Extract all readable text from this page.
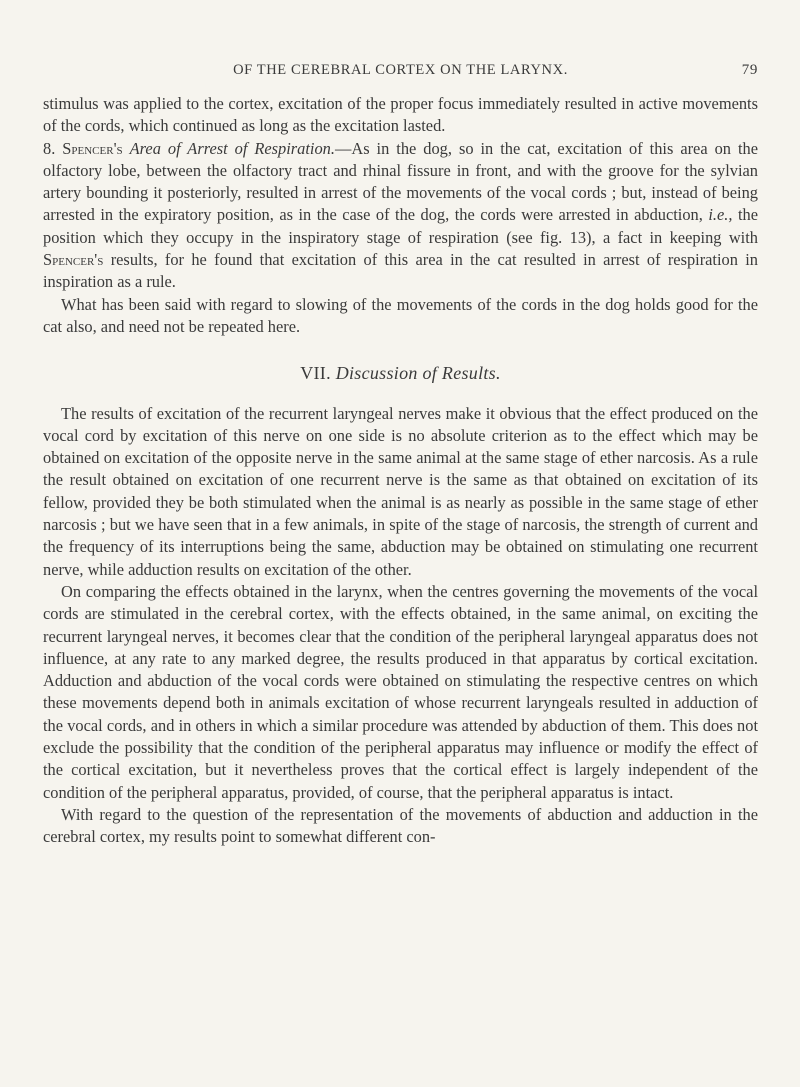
OF THE CEREBRAL CORTEX ON THE LARYNX.	79

stimulus was applied to the cortex, excitation of the proper focus immediately resulted in active movements of the cords, which continued as long as the excitation lasted.

8. Spencer's Area of Arrest of Respiration.—As in the dog, so in the cat, excitation of this area on the olfactory lobe, between the olfactory tract and rhinal fissure in front, and with the groove for the sylvian artery bounding it posteriorly, resulted in arrest of the movements of the vocal cords ; but, instead of being arrested in the expiratory position, as in the case of the dog, the cords were arrested in abduction, i.e., the position which they occupy in the inspiratory stage of respiration (see fig. 13), a fact in keeping with Spencer's results, for he found that excitation of this area in the cat resulted in arrest of respiration in inspiration as a rule.

What has been said with regard to slowing of the movements of the cords in the dog holds good for the cat also, and need not be repeated here.

VII. Discussion of Results.

The results of excitation of the recurrent laryngeal nerves make it obvious that the effect produced on the vocal cord by excitation of this nerve on one side is no absolute criterion as to the effect which may be obtained on excitation of the opposite nerve in the same animal at the same stage of ether narcosis. As a rule the result obtained on excitation of one recurrent nerve is the same as that obtained on excitation of its fellow, provided they be both stimulated when the animal is as nearly as possible in the same stage of ether narcosis ; but we have seen that in a few animals, in spite of the stage of narcosis, the strength of current and the frequency of its interruptions being the same, abduction may be obtained on stimulating one recurrent nerve, while adduction results on excitation of the other.

On comparing the effects obtained in the larynx, when the centres governing the movements of the vocal cords are stimulated in the cerebral cortex, with the effects obtained, in the same animal, on exciting the recurrent laryngeal nerves, it becomes clear that the condition of the peripheral laryngeal apparatus does not influence, at any rate to any marked degree, the results produced in that apparatus by cortical excitation. Adduction and abduction of the vocal cords were obtained on stimulating the respective centres on which these movements depend both in animals excitation of whose recurrent laryngeals resulted in adduction of the vocal cords, and in others in which a similar procedure was attended by abduction of them. This does not exclude the possibility that the condition of the peripheral apparatus may influence or modify the effect of the cortical excitation, but it nevertheless proves that the cortical effect is largely independent of the condition of the peripheral apparatus, provided, of course, that the peripheral apparatus is intact.

With regard to the question of the representation of the movements of abduction and adduction in the cerebral cortex, my results point to somewhat different con-
